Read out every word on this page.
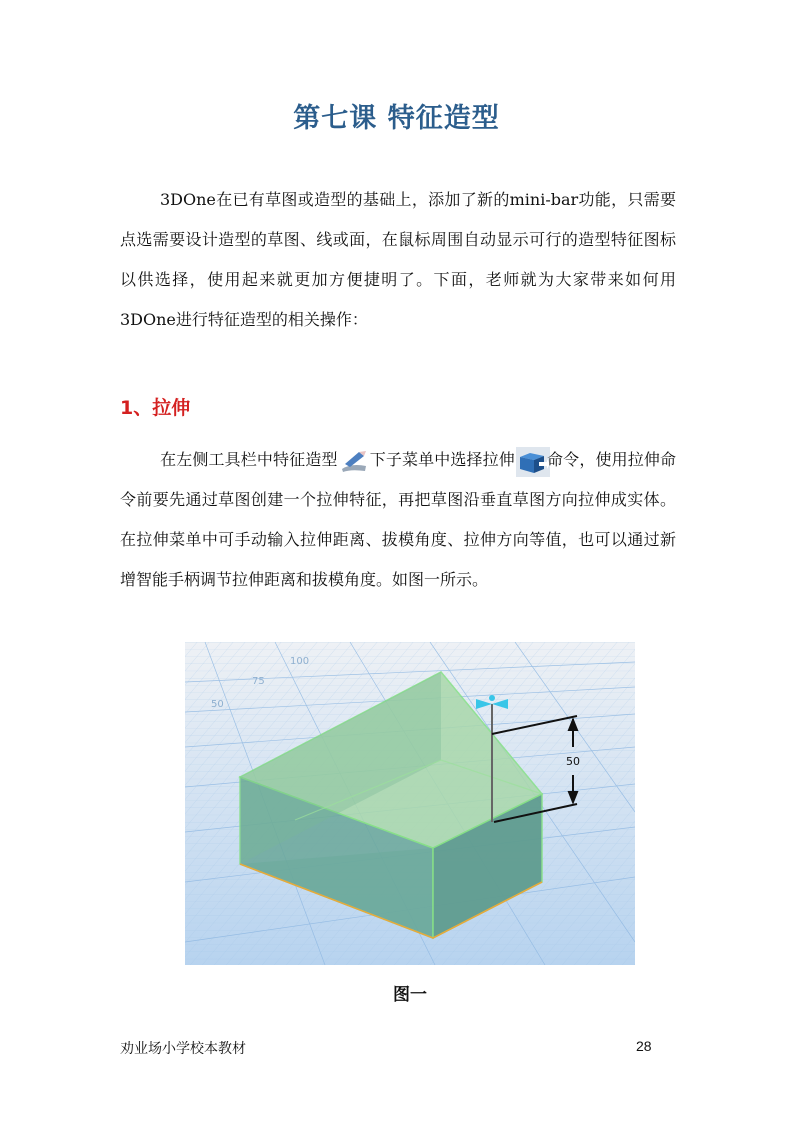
第七课 特征造型

3DOne在已有草图或造型的基础上，添加了新的mini-bar功能，只需要点选需要设计造型的草图、线或面，在鼠标周围自动显示可行的造型特征图标以供选择，使用起来就更加方便捷明了。下面，老师就为大家带来如何用3DOne进行特征造型的相关操作：

1、拉伸

在左侧工具栏中特征造型 下子菜单中选择拉伸 命令，使用拉伸命令前要先通过草图创建一个拉伸特征，再把草图沿垂直草图方向拉伸成实体。在拉伸菜单中可手动输入拉伸距离、拔模角度、拉伸方向等值，也可以通过新增智能手柄调节拉伸距离和拔模角度。如图一所示。

100
75
50
50
图一
劝业场小学校本教材	28
